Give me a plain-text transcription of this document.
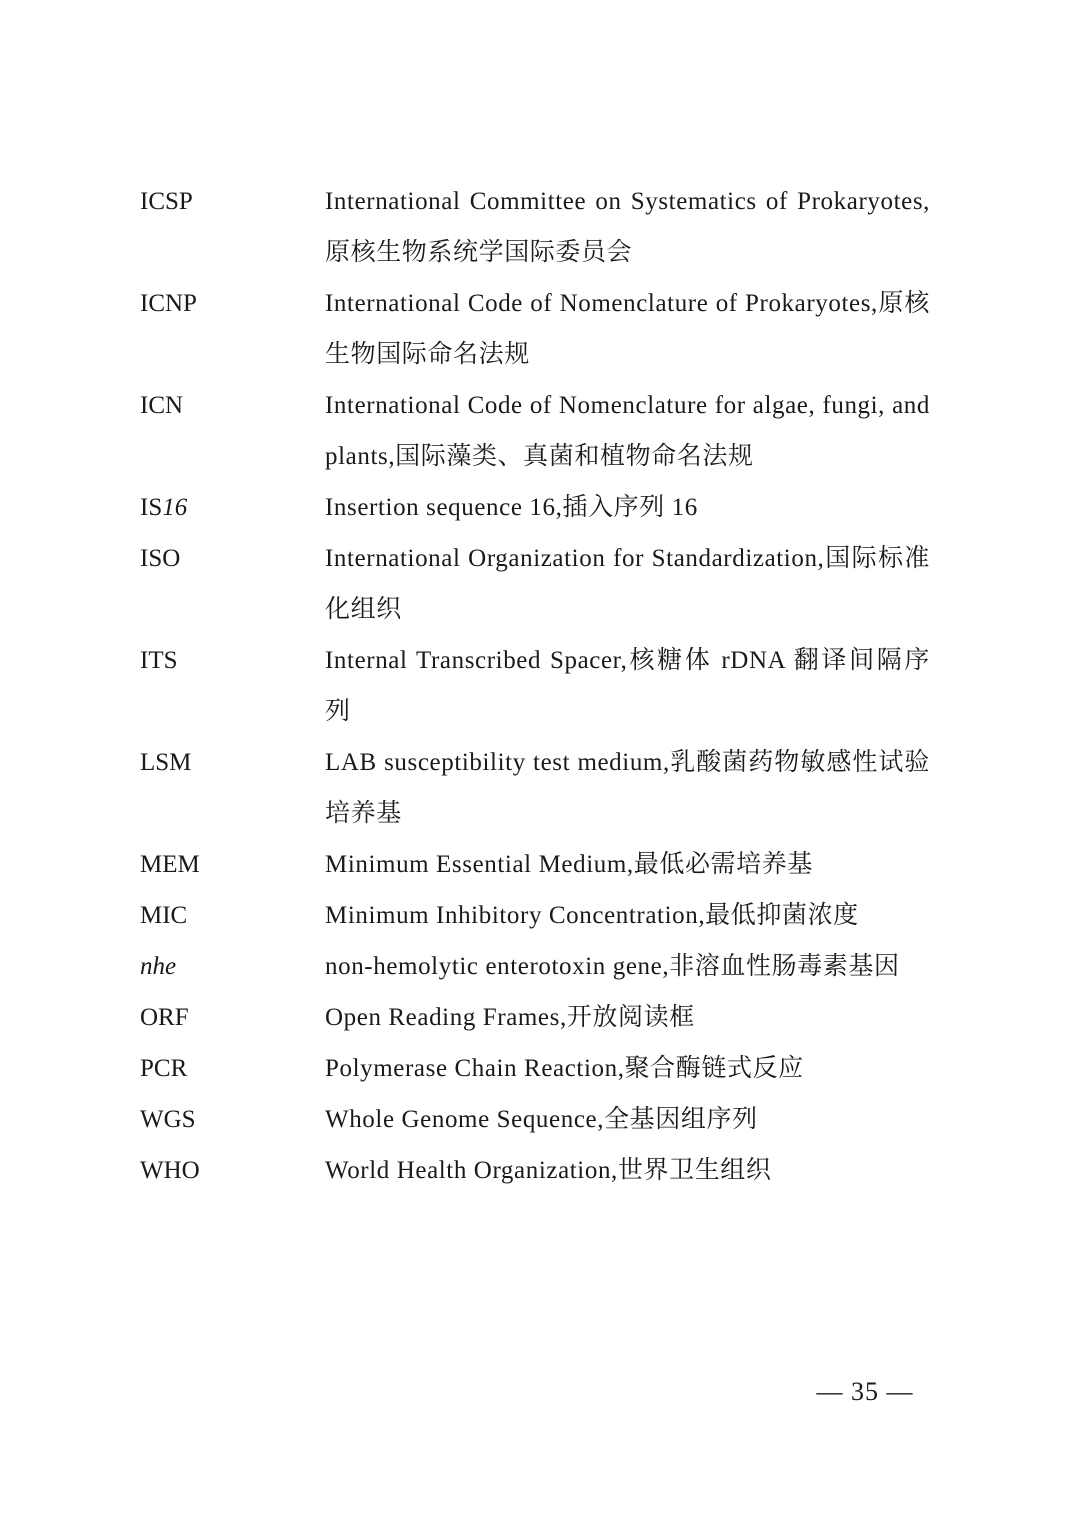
ICSP	International Committee on Systematics of Prokaryotes,原核生物系统学国际委员会
ICNP	International Code of Nomenclature of Prokaryotes,原核生物国际命名法规
ICN	International Code of Nomenclature for algae, fungi, and plants,国际藻类、真菌和植物命名法规
IS16	Insertion sequence 16,插入序列 16
ISO	International Organization for Standardization,国际标准化组织
ITS	Internal Transcribed Spacer,核糖体 rDNA 翻译间隔序列
LSM	LAB susceptibility test medium,乳酸菌药物敏感性试验培养基
MEM	Minimum Essential Medium,最低必需培养基
MIC	Minimum Inhibitory Concentration,最低抑菌浓度
nhe	non-hemolytic enterotoxin gene,非溶血性肠毒素基因
ORF	Open Reading Frames,开放阅读框
PCR	Polymerase Chain Reaction,聚合酶链式反应
WGS	Whole Genome Sequence,全基因组序列
WHO	World Health Organization,世界卫生组织
— 35 —
